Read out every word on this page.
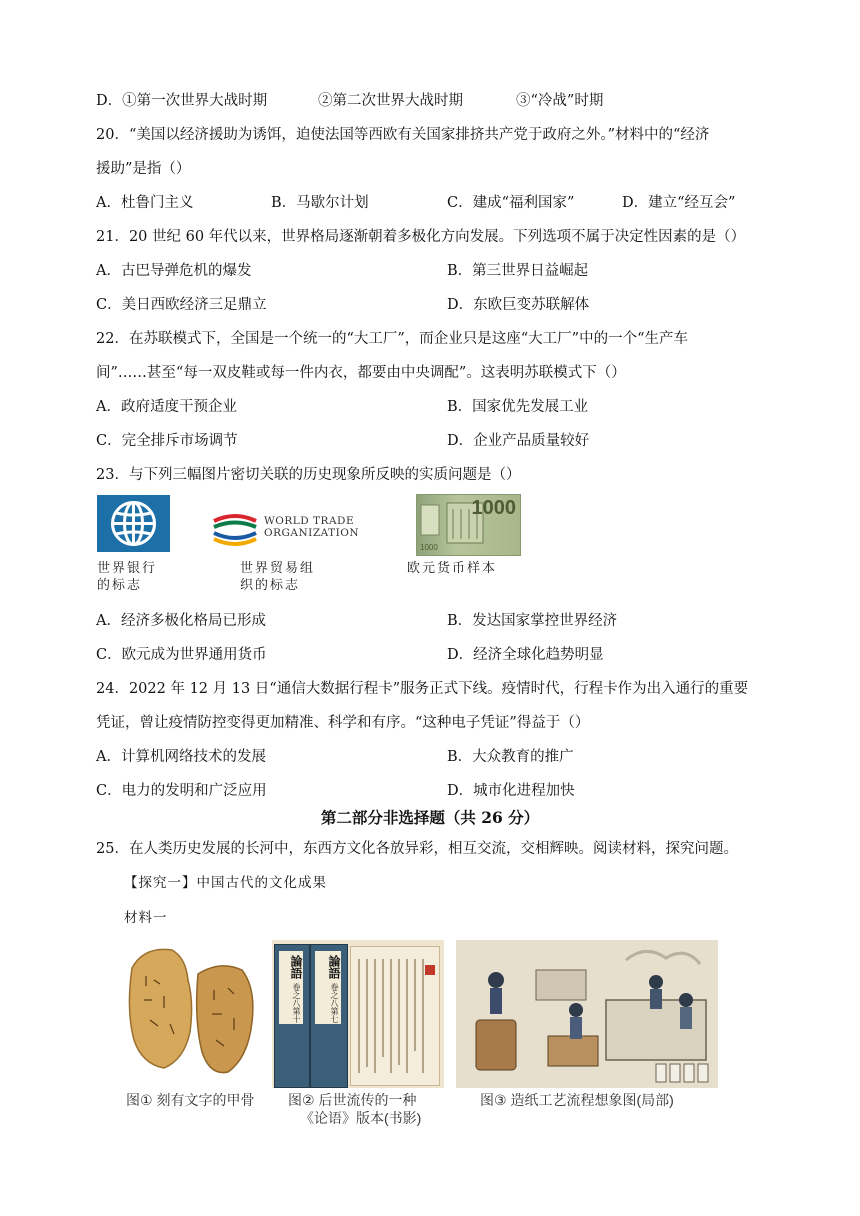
D．①第一次世界大战时期	②第二次世界大战时期	③“冷战”时期
20．“美国以经济援助为诱饵，迫使法国等西欧有关国家排挤共产党于政府之外。”材料中的“经济
援助”是指（）
A．杜鲁门主义	B．马歇尔计划	C．建成“福利国家”	D．建立“经互会”
21．20 世纪 60 年代以来，世界格局逐渐朝着多极化方向发展。下列选项不属于决定性因素的是（）
A．古巴导弹危机的爆发	B．第三世界日益崛起
C．美日西欧经济三足鼎立	D．东欧巨变苏联解体
22．在苏联模式下，全国是一个统一的“大工厂”，而企业只是这座“大工厂”中的一个“生产车
间”……甚至“每一双皮鞋或每一件内衣，都要由中央调配”。这表明苏联模式下（）
A．政府适度干预企业	B．国家优先发展工业
C．完全排斥市场调节	D．企业产品质量较好
23．与下列三幅图片密切关联的历史现象所反映的实质问题是（）
世界银行
的标志
WORLD TRADE
ORGANIZATION
世界贸易组
织的标志
1000
1000
欧元货币样本
A．经济多极化格局已形成	B．发达国家掌控世界经济
C．欧元成为世界通用货币	D．经济全球化趋势明显
24．2022 年 12 月 13 日“通信大数据行程卡”服务正式下线。疫情时代，行程卡作为出入通行的重要
凭证，曾让疫情防控变得更加精准、科学和有序。“这种电子凭证”得益于（）
A．计算机网络技术的发展	B．大众教育的推广
C．电力的发明和广泛应用	D．城市化进程加快
第二部分非选择题（共 26 分）
25．在人类历史发展的长河中，东西方文化各放异彩，相互交流，交相辉映。阅读材料，探究问题。
【探究一】中国古代的文化成果
材料一
論語 卷之八第十
論語 卷之八第七
图① 刻有文字的甲骨 图② 后世流传的一种
《论语》版本(书影)
图③ 造纸工艺流程想象图(局部)
